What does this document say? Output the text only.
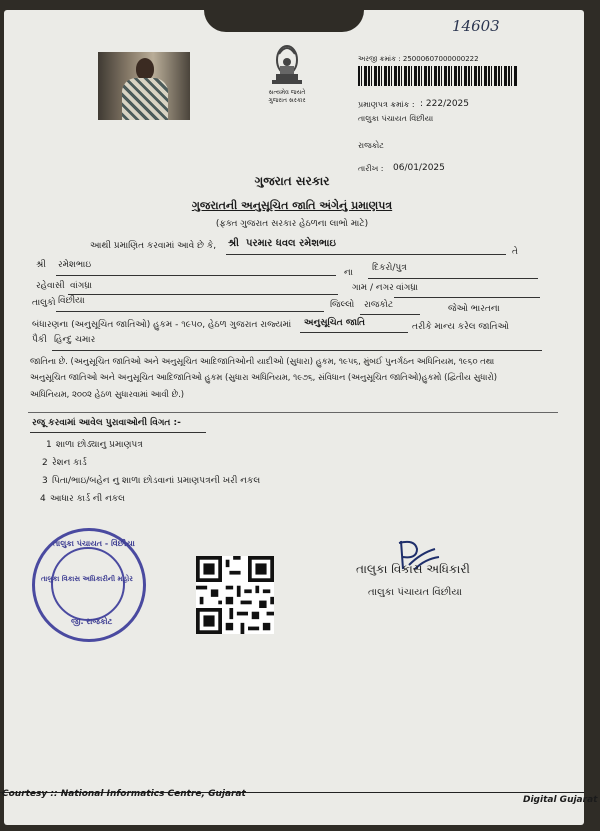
14603
સત્યમેવ જયતે
ગુજરાત સરકાર
અરજી ક્રમાંક : 25000607000000222
પ્રમાણપત્ર ક્રમાંક : : 222/2025
તાલુકા પંચાયત વિંછીયા
રાજકોટ
તારીખ : 06/01/2025
ગુજરાત સરકાર
ગુજરાતની અનુસૂચિત જાતિ અંગેનું પ્રમાણપત્ર
(ફક્ત ગુજરાત સરકાર હેઠળના લાભો માટે)
આથી પ્રમાણિત કરવામાં આવે છે કે, શ્રી પરમાર ધવલ રમેશભાઇ
તે
શ્રી રમેશભાઇ
ના દિકરો/પુત્ર
રહેવાસી વાંગધ્રા	ગામ / નગર વાંગધ્રા
તાલુકો વિંછીયા	જિલ્લો રાજકોટ	જેઓ ભારતના
બંધારણના (અનુસૂચિત જાતિઓ) હુકમ - ૧૯૫૦, હેઠળ ગુજરાત રાજ્યમાં અનુસૂચિત જાતિ	તરીકે માન્ય કરેલ જાતિઓ
પૈકી હિન્દુ ચમાર
જાતિના છે. (અનુસૂચિત જાતિઓ અને અનુસૂચિત આદિજાતિઓની યાદીઓ (સુધારા) હુકમ, ૧૯૫૬, મુંબઈ પુનર્ગઠન અધિનિયમ, ૧૯૬૦ તથા
અનુસૂચિત જાતિઓ અને અનુસૂચિત આદિજાતિઓ હુકમ (સુધારા અધિનિયમ, ૧૯૭૬, સંવિધાન (અનુસૂચિત જાતિઓ)હુકમો (દ્વિતીય સુધારો)
અધિનિયમ, ૨૦૦૨ હેઠળ સુધારવામાં આવી છે.)
રજૂ કરવામાં આવેલ પુરાવાઓની વિગત :-
1 શાળા છોડ્યાનુ પ્રમાણપત્ર
2 રેશન કાર્ડ
3 પિતા/ભાઇ/બહેન નુ શાળા છોડવાનાં પ્રમાણપત્રની ખરી નકલ
4 આધાર કાર્ડ ની નકલ
તાલુકા પંચાયત - વિંછીયા
તાલુકા વિકાસ અધિકારીની મહોર
જી. રાજકોટ
તાલુકા વિકાસ અધિકારી
તાલુકા પંચાયત વિંછીયા
Courtesy :: National Informatics Centre, Gujarat
Digital Gujarat
